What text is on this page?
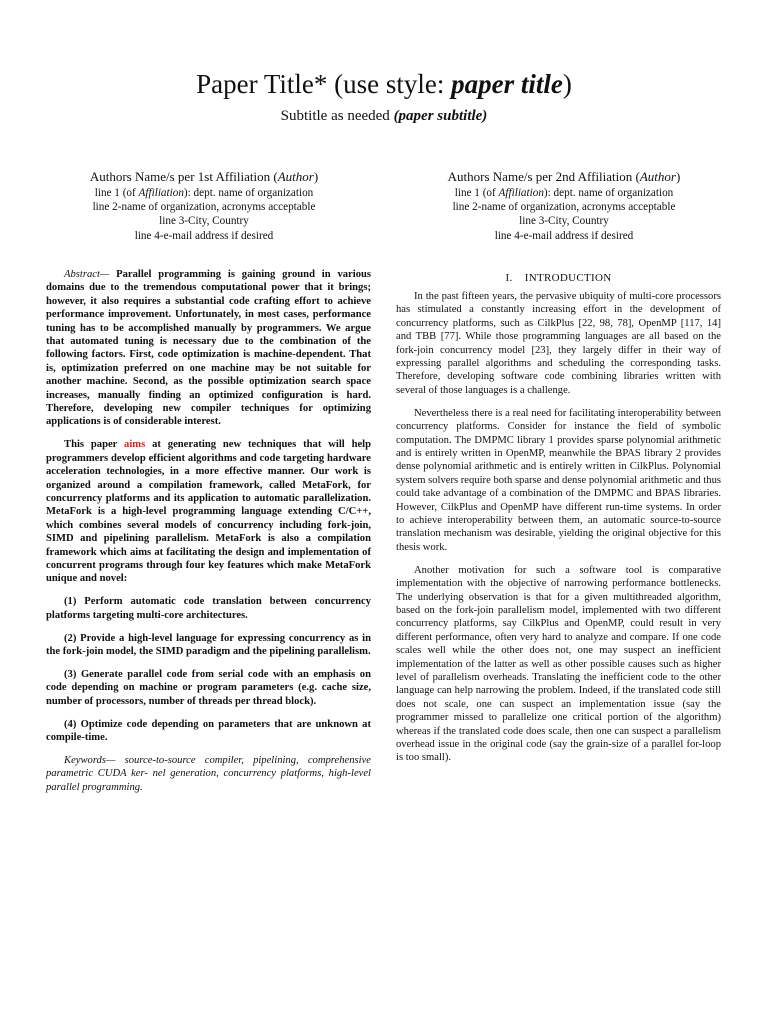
Paper Title* (use style: paper title)
Subtitle as needed (paper subtitle)
Authors Name/s per 1st Affiliation (Author)
line 1 (of Affiliation): dept. name of organization
line 2-name of organization, acronyms acceptable
line 3-City, Country
line 4-e-mail address if desired
Authors Name/s per 2nd Affiliation (Author)
line 1 (of Affiliation): dept. name of organization
line 2-name of organization, acronyms acceptable
line 3-City, Country
line 4-e-mail address if desired

Abstract— Parallel programming is gaining ground in various domains due to the tremendous computational power that it brings; however, it also requires a substantial code crafting effort to achieve performance improvement. Unfortunately, in most cases, performance tuning has to be accomplished manually by programmers. We argue that automated tuning is necessary due to the combination of the following factors. First, code optimization is machine-dependent. That is, optimization preferred on one machine may be not suitable for another machine. Second, as the possible optimization search space increases, manually finding an optimized configuration is hard. Therefore, developing new compiler techniques for optimizing applications is of considerable interest.

This paper aims at generating new techniques that will help programmers develop efficient algorithms and code targeting hardware acceleration technologies, in a more effective manner. Our work is organized around a compilation framework, called MetaFork, for concurrency platforms and its application to automatic parallelization. MetaFork is a high-level programming language extending C/C++, which combines several models of concurrency including fork-join, SIMD and pipelining parallelism. MetaFork is also a compilation framework which aims at facilitating the design and implementation of concurrent programs through four key features which make MetaFork unique and novel:

(1) Perform automatic code translation between concurrency platforms targeting multi-core architectures.

(2) Provide a high-level language for expressing concurrency as in the fork-join model, the SIMD paradigm and the pipelining parallelism.

(3) Generate parallel code from serial code with an emphasis on code depending on machine or program parameters (e.g. cache size, number of processors, number of threads per thread block).

(4) Optimize code depending on parameters that are unknown at compile-time.

Keywords— source-to-source compiler, pipelining, comprehensive parametric CUDA ker- nel generation, concurrency platforms, high-level parallel programming.

I. INTRODUCTION

In the past fifteen years, the pervasive ubiquity of multi-core processors has stimulated a constantly increasing effort in the development of concurrency platforms, such as CilkPlus [22, 98, 78], OpenMP [117, 14] and TBB [77]. While those programming languages are all based on the fork-join concurrency model [23], they largely differ in their way of expressing parallel algorithms and scheduling the corresponding tasks. Therefore, developing software code combining libraries written with several of those languages is a challenge.

Nevertheless there is a real need for facilitating interoperability between concurrency platforms. Consider for instance the field of symbolic computation. The DMPMC library 1 provides sparse polynomial arithmetic and is entirely written in OpenMP, meanwhile the BPAS library 2 provides dense polynomial arithmetic and is entirely written in CilkPlus. Polynomial system solvers require both sparse and dense polynomial arithmetic and thus could take advantage of a combination of the DMPMC and BPAS libraries. However, CilkPlus and OpenMP have different run-time systems. In order to achieve interoperability between them, an automatic source-to-source translation mechanism was desirable, yielding the original objective for this thesis work.

Another motivation for such a software tool is comparative implementation with the objective of narrowing performance bottlenecks. The underlying observation is that for a given multithreaded algorithm, based on the fork-join parallelism model, implemented with two different concurrency platforms, say CilkPlus and OpenMP, could result in very different performance, often very hard to analyze and compare. If one code scales well while the other does not, one may suspect an inefficient implementation of the latter as well as other possible causes such as higher level of parallelism overheads. Translating the inefficient code to the other language can help narrowing the problem. Indeed, if the translated code still does not scale, one can suspect an implementation issue (say the programmer missed to parallelize one critical portion of the algorithm) whereas if the translated code does scale, then one can suspect a parallelism overhead issue in the original code (say the grain-size of a parallel for-loop is too small).
